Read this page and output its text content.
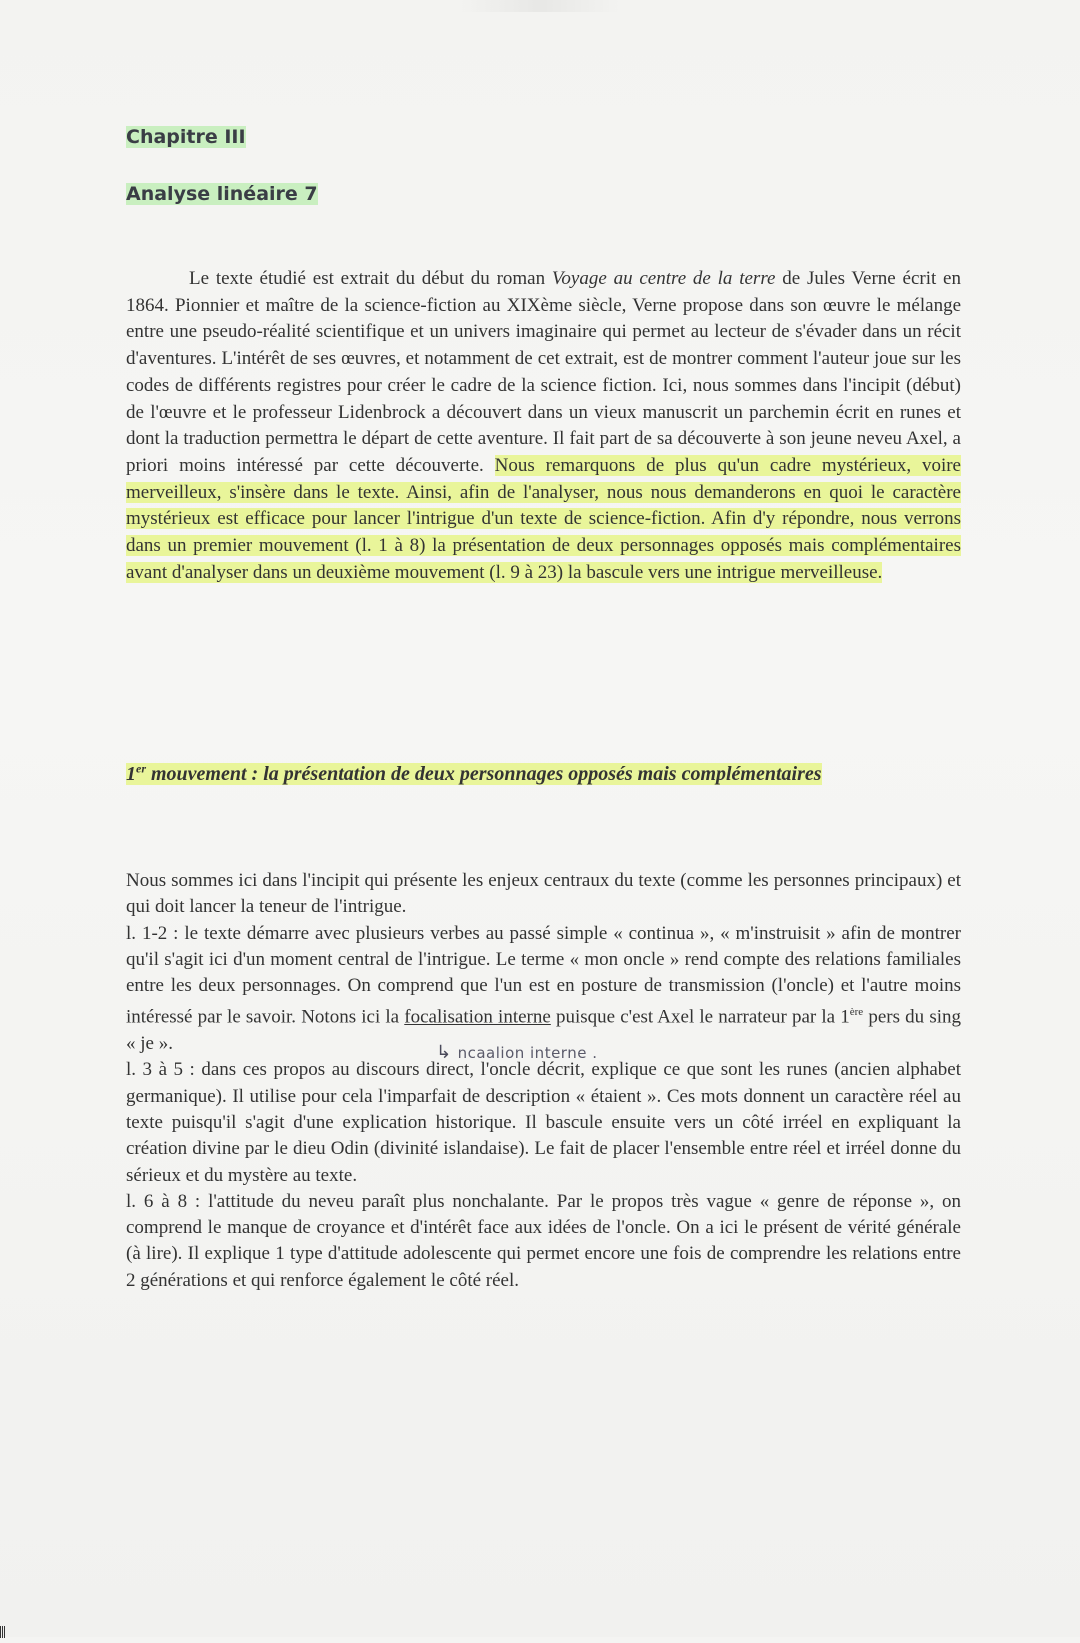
Chapitre III
Analyse linéaire 7
Le texte étudié est extrait du début du roman Voyage au centre de la terre de Jules Verne écrit en 1864. Pionnier et maître de la science-fiction au XIXème siècle, Verne propose dans son œuvre le mélange entre une pseudo-réalité scientifique et un univers imaginaire qui permet au lecteur de s'évader dans un récit d'aventures. L'intérêt de ses œuvres, et notamment de cet extrait, est de montrer comment l'auteur joue sur les codes de différents registres pour créer le cadre de la science fiction. Ici, nous sommes dans l'incipit (début) de l'œuvre et le professeur Lidenbrock a découvert dans un vieux manuscrit un parchemin écrit en runes et dont la traduction permettra le départ de cette aventure. Il fait part de sa découverte à son jeune neveu Axel, a priori moins intéressé par cette découverte. Nous remarquons de plus qu'un cadre mystérieux, voire merveilleux, s'insère dans le texte. Ainsi, afin de l'analyser, nous nous demanderons en quoi le caractère mystérieux est efficace pour lancer l'intrigue d'un texte de science-fiction. Afin d'y répondre, nous verrons dans un premier mouvement (l. 1 à 8) la présentation de deux personnages opposés mais complémentaires avant d'analyser dans un deuxième mouvement (l. 9 à 23) la bascule vers une intrigue merveilleuse.
1er mouvement : la présentation de deux personnages opposés mais complémentaires
Nous sommes ici dans l'incipit qui présente les enjeux centraux du texte (comme les personnes principaux) et qui doit lancer la teneur de l'intrigue.
l. 1-2 : le texte démarre avec plusieurs verbes au passé simple « continua », « m'instruisit » afin de montrer qu'il s'agit ici d'un moment central de l'intrigue. Le terme « mon oncle » rend compte des relations familiales entre les deux personnages. On comprend que l'un est en posture de transmission (l'oncle) et l'autre moins intéressé par le savoir. Notons ici la focalisation interne puisque c'est Axel le narrateur par la 1ère pers du sing « je ».
l. 3 à 5 : dans ces propos au discours direct, l'oncle décrit, explique ce que sont les runes (ancien alphabet germanique). Il utilise pour cela l'imparfait de description « étaient ». Ces mots donnent un caractère réel au texte puisqu'il s'agit d'une explication historique. Il bascule ensuite vers un côté irréel en expliquant la création divine par le dieu Odin (divinité islandaise). Le fait de placer l'ensemble entre réel et irréel donne du sérieux et du mystère au texte.
l. 6 à 8 : l'attitude du neveu paraît plus nonchalante. Par le propos très vague « genre de réponse », on comprend le manque de croyance et d'intérêt face aux idées de l'oncle. On a ici le présent de vérité générale (à lire). Il explique 1 type d'attitude adolescente qui permet encore une fois de comprendre les relations entre 2 générations et qui renforce également le côté réel.
↳ ncaalion interne .
